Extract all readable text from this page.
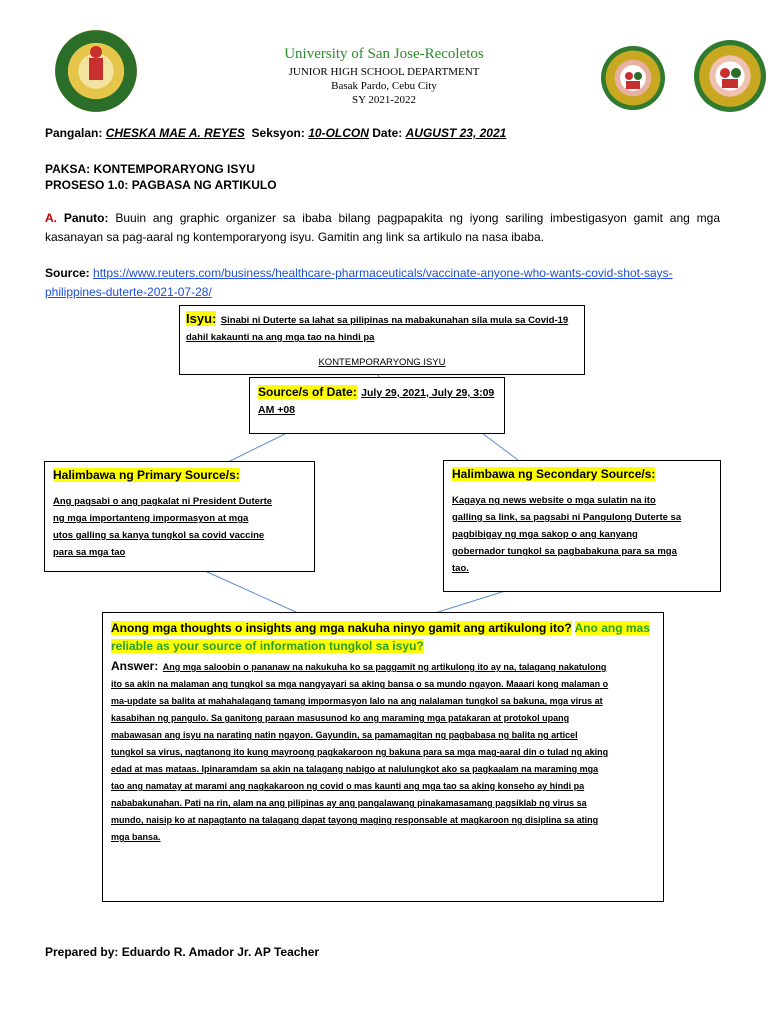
University of San Jose-Recoletos
JUNIOR HIGH SCHOOL DEPARTMENT
Basak Pardo, Cebu City
SY 2021-2022
Pangalan: CHESKA MAE A. REYES Seksyon: 10-OLCON Date: AUGUST 23, 2021
PAKSA: KONTEMPORARYONG ISYU
PROSESO 1.0: PAGBASA NG ARTIKULO
A. Panuto: Buuin ang graphic organizer sa ibaba bilang pagpapakita ng iyong sariling imbestigasyon gamit ang mga kasanayan sa pag-aaral ng kontemporaryong isyu. Gamitin ang link sa artikulo na nasa ibaba.
Source: https://www.reuters.com/business/healthcare-pharmaceuticals/vaccinate-anyone-who-wants-covid-shot-says-
philippines-duterte-2021-07-28/
Isyu: Sinabi ni Duterte sa lahat sa pilipinas na mabakunahan sila mula sa Covid-19
dahil kakaunti na ang mga tao na hindi pa
KONTEMPORARYONG ISYU
Source/s of Date: July 29, 2021, July 29, 3:09
AM +08
Halimbawa ng Primary Source/s:
Ang pagsabi o ang pagkalat ni President Duterte
ng mga importanteng impormasyon at mga
utos galling sa kanya tungkol sa covid vaccine
para sa mga tao
Halimbawa ng Secondary Source/s:
Kagaya ng news website o mga sulatin na ito
galling sa link, sa pagsabi ni Pangulong Duterte sa
pagbibigay ng mga sakop o ang kanyang
gobernador tungkol sa pagbabakuna para sa mga
tao.
Anong mga thoughts o insights ang mga nakuha ninyo gamit ang artikulong ito? Ano ang mas
reliable as your source of information tungkol sa isyu?
Answer: Ang mga saloobin o pananaw na nakukuha ko sa paggamit ng artikulong ito ay na, talagang nakatulong
ito sa akin na malaman ang tungkol sa mga nangyayari sa aking bansa o sa mundo ngayon. Maaari kong malaman o
ma-update sa balita at mahahalagang tamang impormasyon lalo na ang nalalaman tungkol sa bakuna, mga virus at
kasabihan ng pangulo. Sa ganitong paraan masusunod ko ang maraming mga patakaran at protokol upang
mabawasan ang isyu na narating natin ngayon. Gayundin, sa pamamagitan ng pagbabasa ng balita ng articel
tungkol sa virus, nagtanong ito kung mayroong pagkakaroon ng bakuna para sa mga mag-aaral din o tulad ng aking
edad at mas mataas. Ipinaramdam sa akin na talagang nabigo at nalulungkot ako sa pagkaalam na maraming mga
tao ang namatay at marami ang nagkakaroon ng covid o mas kaunti ang mga tao sa aking konseho ay hindi pa
nababakunahan. Pati na rin, alam na ang pilipinas ay ang pangalawang pinakamasamang pagsiklab ng virus sa
mundo, naisip ko at napagtanto na talagang dapat tayong maging responsable at magkaroon ng disiplina sa ating
mga bansa.
Prepared by: Eduardo R. Amador Jr. AP Teacher
